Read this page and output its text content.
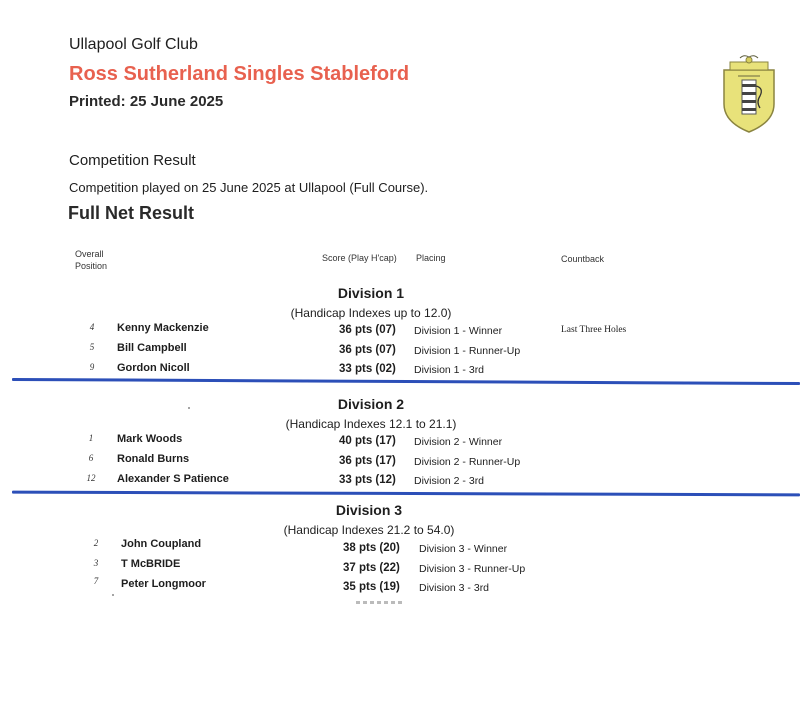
Ullapool Golf Club
Ross Sutherland Singles Stableford
Printed: 25 June 2025
Competition Result
Competition played on 25 June 2025 at Ullapool (Full Course).
Full Net Result
Overall
Position
Score (Play H'cap) Placing	Countback
Division 1
(Handicap Indexes up to 12.0)
4	Kenny Mackenzie	36 pts (07) Division 1 - Winner	Last Three Holes
5	Bill Campbell	36 pts (07) Division 1 - Runner-Up
9	Gordon Nicoll	33 pts (02) Division 1 - 3rd
Division 2
(Handicap Indexes 12.1 to 21.1)
1	Mark Woods	40 pts (17) Division 2 - Winner
6	Ronald Burns	36 pts (17) Division 2 - Runner-Up
12	Alexander S Patience	33 pts (12) Division 2 - 3rd
Division 3
(Handicap Indexes 21.2 to 54.0)
2	John Coupland	38 pts (20) Division 3 - Winner
3	T McBRIDE	37 pts (22) Division 3 - Runner-Up
7	Peter Longmoor	35 pts (19) Division 3 - 3rd
